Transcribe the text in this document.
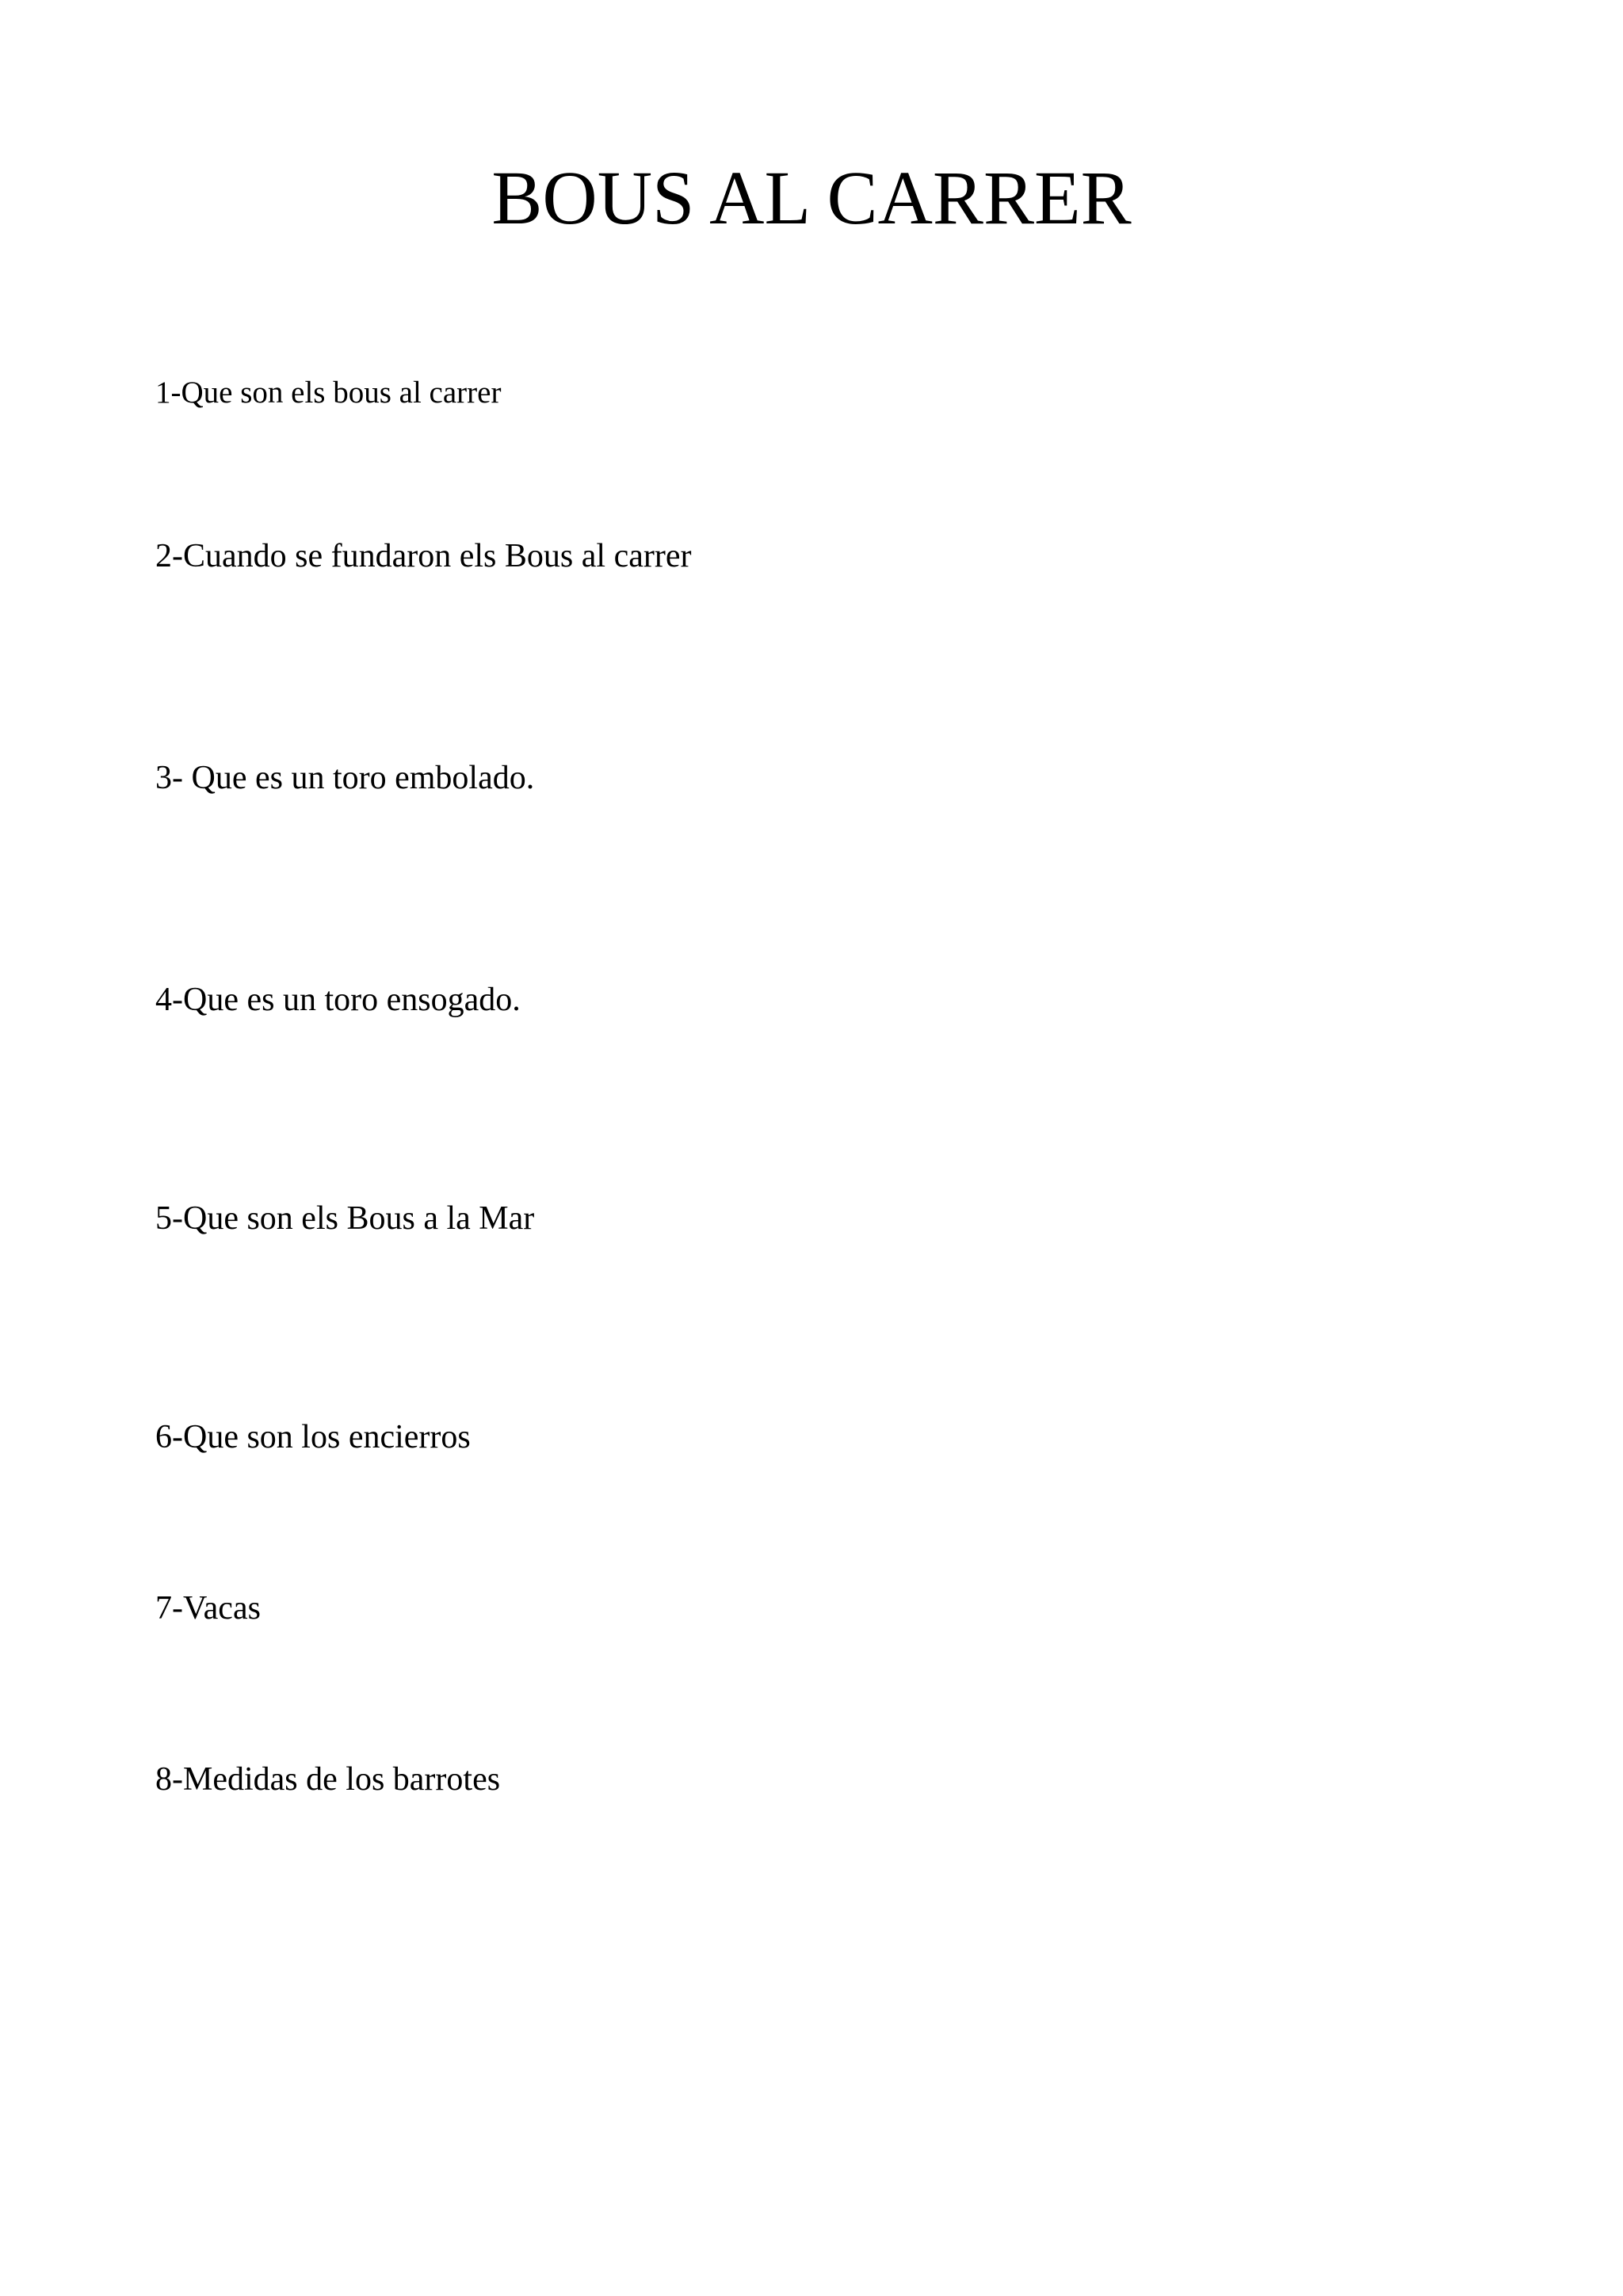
BOUS AL CARRER

1-Que son els bous al carrer

2-Cuando se fundaron els Bous al carrer

3- Que es un toro embolado.

4-Que es un toro ensogado.

5-Que son els Bous a la Mar

6-Que son los encierros

7-Vacas

8-Medidas de los barrotes
